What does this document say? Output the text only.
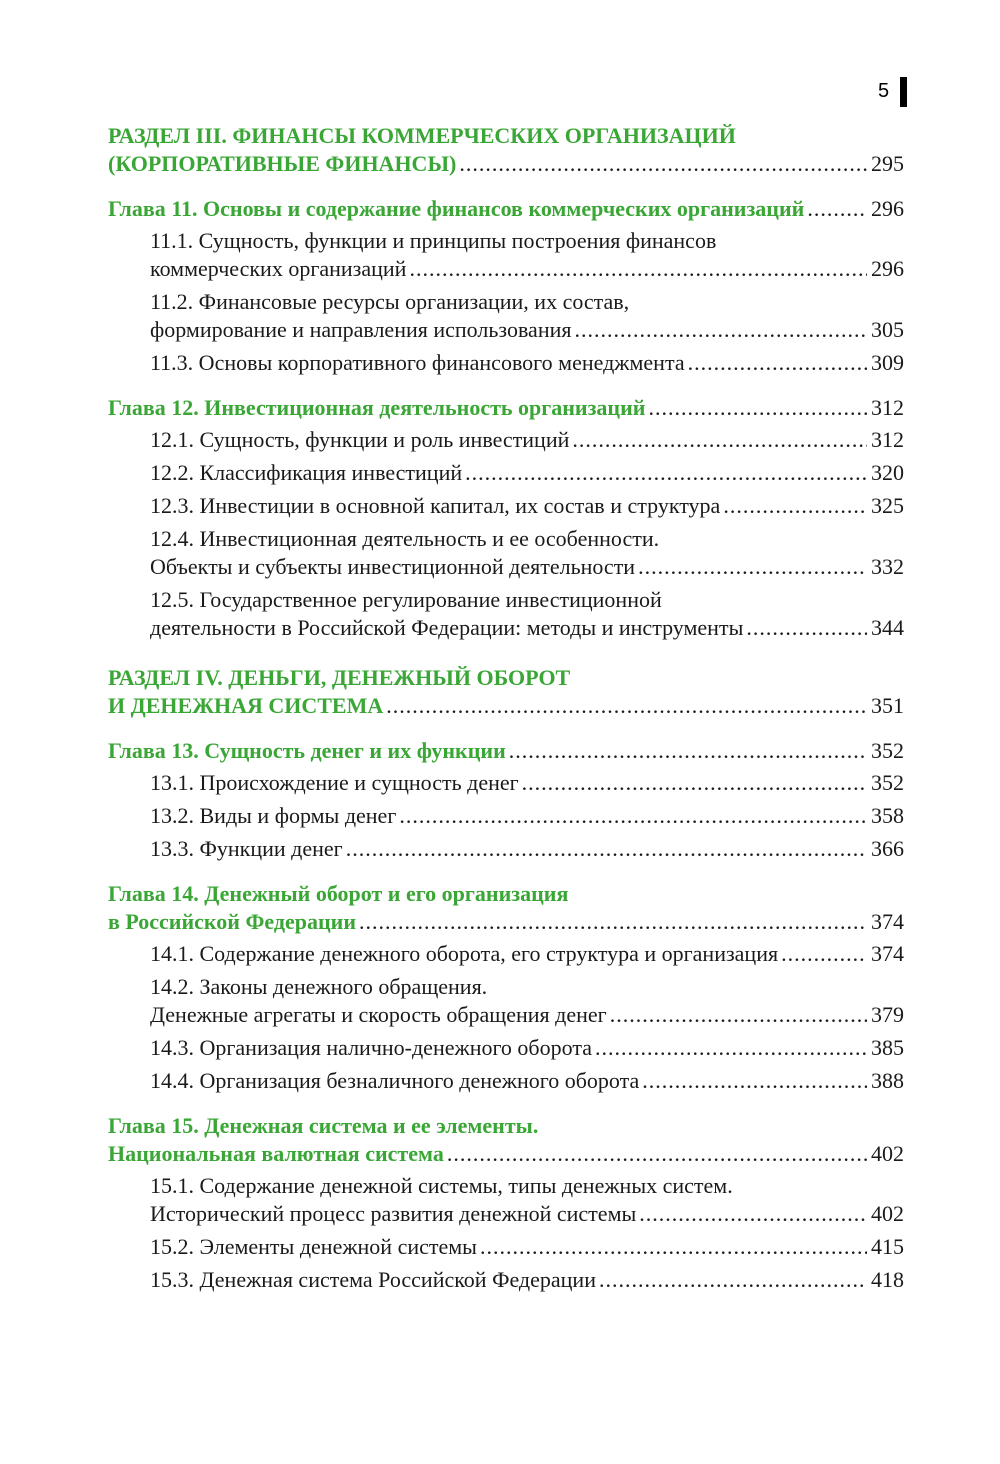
5
РАЗДЕЛ III. ФИНАНСЫ КОММЕРЧЕСКИХ ОРГАНИЗАЦИЙ
(КОРПОРАТИВНЫЕ ФИНАНСЫ) .....	295
Глава 11. Основы и содержание финансов коммерческих организаций .....	296
11.1. Сущность, функции и принципы построения финансов
коммерческих организаций .....	296
11.2. Финансовые ресурсы организации, их состав,
формирование и направления использования .....	305
11.3. Основы корпоративного финансового менеджмента .....	309
Глава 12. Инвестиционная деятельность организаций .....	312
12.1. Сущность, функции и роль инвестиций .....	312
12.2. Классификация инвестиций .....	320
12.3. Инвестиции в основной капитал, их состав и структура .....	325
12.4. Инвестиционная деятельность и ее особенности.
Объекты и субъекты инвестиционной деятельности .....	332
12.5. Государственное регулирование инвестиционной
деятельности в Российской Федерации: методы и инструменты .....	344
РАЗДЕЛ IV. ДЕНЬГИ, ДЕНЕЖНЫЙ ОБОРОТ
И ДЕНЕЖНАЯ СИСТЕМА .....	351
Глава 13. Сущность денег и их функции .....	352
13.1. Происхождение и сущность денег .....	352
13.2. Виды и формы денег .....	358
13.3. Функции денег .....	366
Глава 14. Денежный оборот и его организация
в Российской Федерации .....	374
14.1. Содержание денежного оборота, его структура и организация .....	374
14.2. Законы денежного обращения.
Денежные агрегаты и скорость обращения денег .....	379
14.3. Организация налично-денежного оборота .....	385
14.4. Организация безналичного денежного оборота .....	388
Глава 15. Денежная система и ее элементы.
Национальная валютная система .....	402
15.1. Содержание денежной системы, типы денежных систем.
Исторический процесс развития денежной системы .....	402
15.2. Элементы денежной системы .....	415
15.3. Денежная система Российской Федерации .....	418
